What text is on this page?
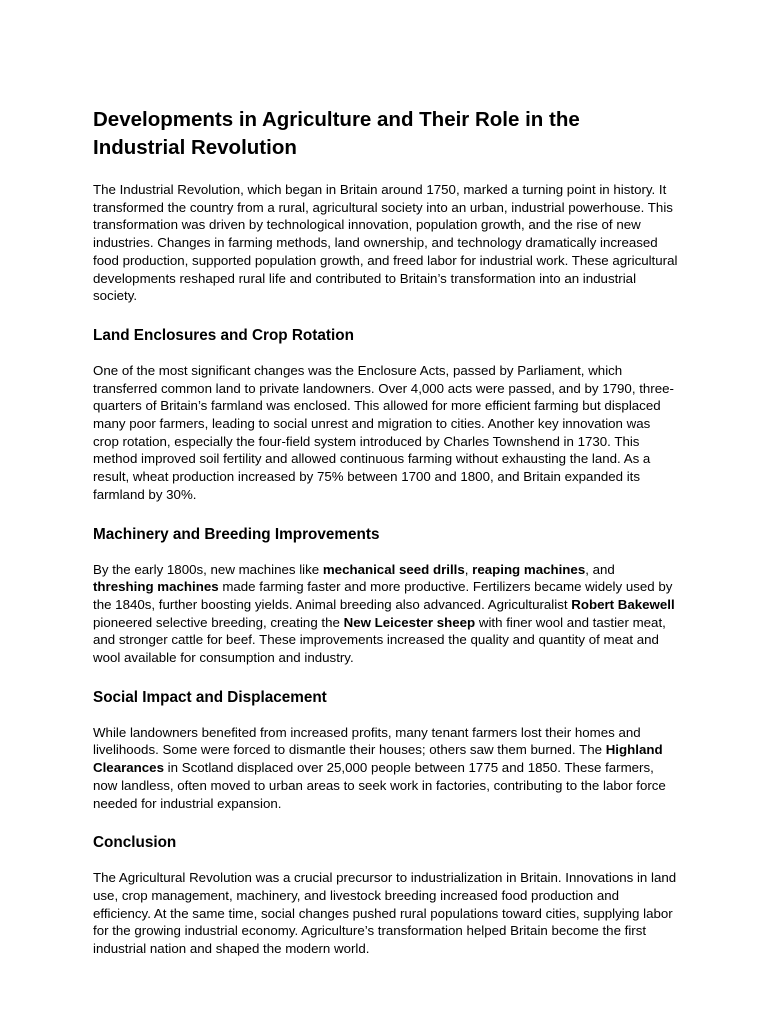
Developments in Agriculture and Their Role in the Industrial Revolution

The Industrial Revolution, which began in Britain around 1750, marked a turning point in history. It transformed the country from a rural, agricultural society into an urban, industrial powerhouse. This transformation was driven by technological innovation, population growth, and the rise of new industries. Changes in farming methods, land ownership, and technology dramatically increased food production, supported population growth, and freed labor for industrial work. These agricultural developments reshaped rural life and contributed to Britain’s transformation into an industrial society.

Land Enclosures and Crop Rotation

One of the most significant changes was the Enclosure Acts, passed by Parliament, which transferred common land to private landowners. Over 4,000 acts were passed, and by 1790, three-quarters of Britain’s farmland was enclosed. This allowed for more efficient farming but displaced many poor farmers, leading to social unrest and migration to cities. Another key innovation was crop rotation, especially the four-field system introduced by Charles Townshend in 1730. This method improved soil fertility and allowed continuous farming without exhausting the land. As a result, wheat production increased by 75% between 1700 and 1800, and Britain expanded its farmland by 30%.

Machinery and Breeding Improvements

By the early 1800s, new machines like mechanical seed drills, reaping machines, and threshing machines made farming faster and more productive. Fertilizers became widely used by the 1840s, further boosting yields. Animal breeding also advanced. Agriculturalist Robert Bakewell pioneered selective breeding, creating the New Leicester sheep with finer wool and tastier meat, and stronger cattle for beef. These improvements increased the quality and quantity of meat and wool available for consumption and industry.

Social Impact and Displacement

While landowners benefited from increased profits, many tenant farmers lost their homes and livelihoods. Some were forced to dismantle their houses; others saw them burned. The Highland Clearances in Scotland displaced over 25,000 people between 1775 and 1850. These farmers, now landless, often moved to urban areas to seek work in factories, contributing to the labor force needed for industrial expansion.

Conclusion

The Agricultural Revolution was a crucial precursor to industrialization in Britain. Innovations in land use, crop management, machinery, and livestock breeding increased food production and efficiency. At the same time, social changes pushed rural populations toward cities, supplying labor for the growing industrial economy. Agriculture’s transformation helped Britain become the first industrial nation and shaped the modern world.
